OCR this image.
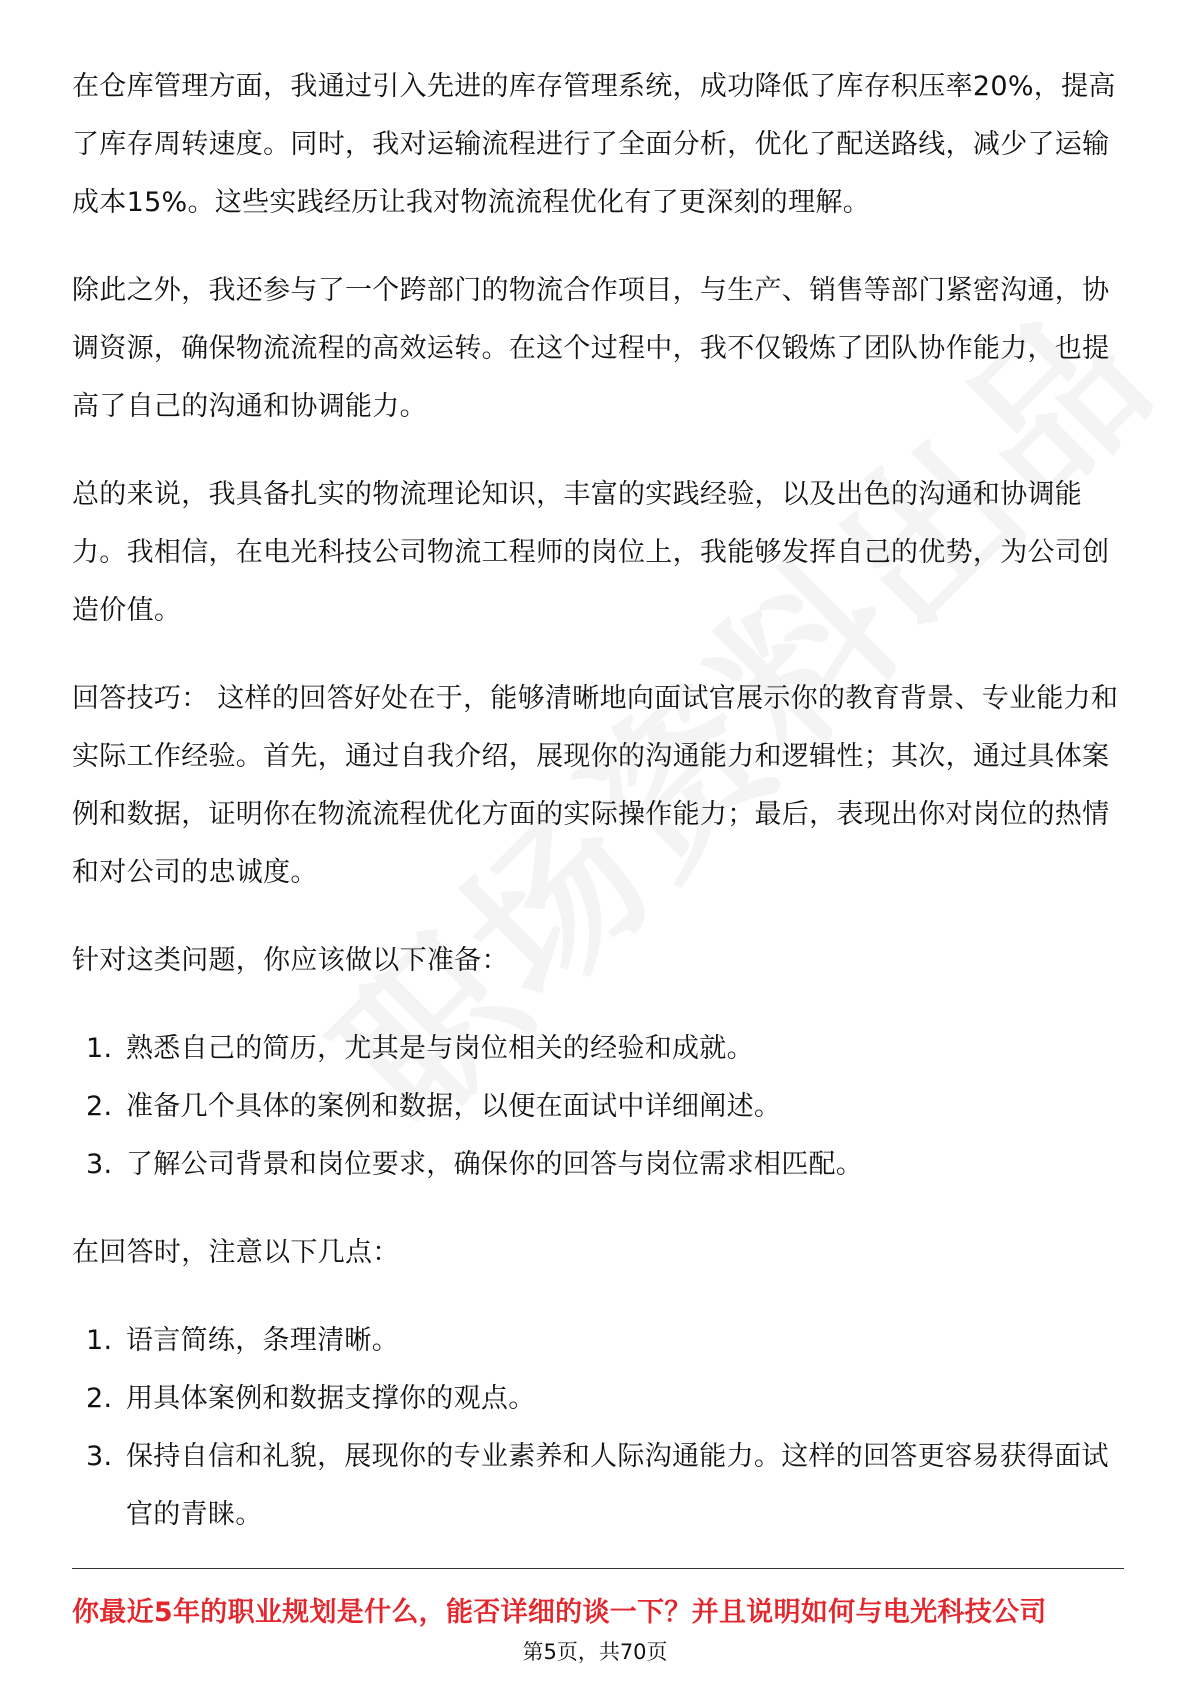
在仓库管理方面，我通过引入先进的库存管理系统，成功降低了库存积压率20%，提高了库存周转速度。同时，我对运输流程进行了全面分析，优化了配送路线，减少了运输成本15%。这些实践经历让我对物流流程优化有了更深刻的理解。

除此之外，我还参与了一个跨部门的物流合作项目，与生产、销售等部门紧密沟通，协调资源，确保物流流程的高效运转。在这个过程中，我不仅锻炼了团队协作能力，也提高了自己的沟通和协调能力。

总的来说，我具备扎实的物流理论知识，丰富的实践经验，以及出色的沟通和协调能力。我相信，在电光科技公司物流工程师的岗位上，我能够发挥自己的优势，为公司创造价值。

回答技巧： 这样的回答好处在于，能够清晰地向面试官展示你的教育背景、专业能力和实际工作经验。首先，通过自我介绍，展现你的沟通能力和逻辑性；其次，通过具体案例和数据，证明你在物流流程优化方面的实际操作能力；最后，表现出你对岗位的热情和对公司的忠诚度。

针对这类问题，你应该做以下准备：

1. 熟悉自己的简历，尤其是与岗位相关的经验和成就。
2. 准备几个具体的案例和数据，以便在面试中详细阐述。
3. 了解公司背景和岗位要求，确保你的回答与岗位需求相匹配。

在回答时，注意以下几点：

1. 语言简练，条理清晰。
2. 用具体案例和数据支撑你的观点。
3. 保持自信和礼貌，展现你的专业素养和人际沟通能力。这样的回答更容易获得面试官的青睐。
你最近5年的职业规划是什么，能否详细的谈一下？并且说明如何与电光科技公司
第5页，共70页
